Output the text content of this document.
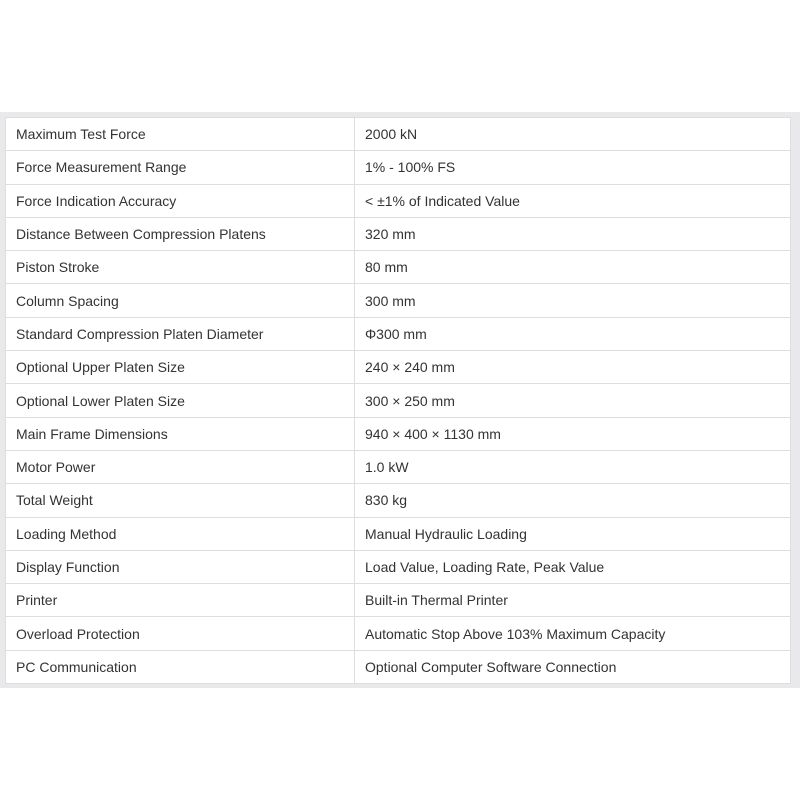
Maximum Test Force	2000 kN
Force Measurement Range	1% - 100% FS
Force Indication Accuracy	< ±1% of Indicated Value
Distance Between Compression Platens	320 mm
Piston Stroke	80 mm
Column Spacing	300 mm
Standard Compression Platen Diameter	Φ300 mm
Optional Upper Platen Size	240 × 240 mm
Optional Lower Platen Size	300 × 250 mm
Main Frame Dimensions	940 × 400 × 1130 mm
Motor Power	1.0 kW
Total Weight	830 kg
Loading Method	Manual Hydraulic Loading
Display Function	Load Value, Loading Rate, Peak Value
Printer	Built-in Thermal Printer
Overload Protection	Automatic Stop Above 103% Maximum Capacity
PC Communication	Optional Computer Software Connection
